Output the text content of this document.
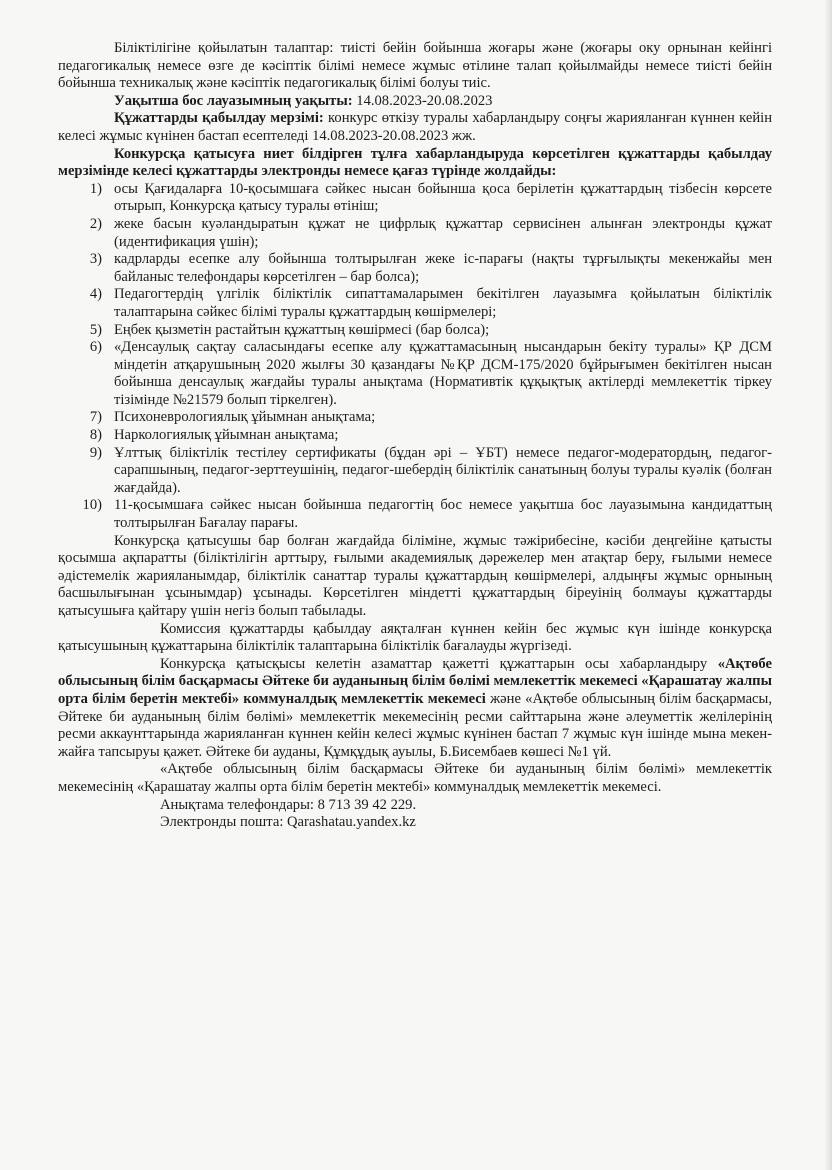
Біліктілігіне қойылатын талаптар: тиісті бейін бойынша жоғары және (жоғары оку орнынан кейінгі педагогикалық немесе өзге де кәсіптік білімі немесе жұмыс өтілине талап қойылмайды немесе тиісті бейін бойынша техникалық және кәсіптік педагогикалық білімі болуы тиіс.

Уақытша бос лауазымның уақыты: 14.08.2023-20.08.2023

Құжаттарды қабылдау мерзімі: конкурс өткізу туралы хабарландыру соңғы жарияланған күннен кейін келесі жұмыс күнінен бастап есептеледі 14.08.2023-20.08.2023 жж.

Конкурсқа қатысуға ниет білдірген тұлға хабарландыруда көрсетілген құжаттарды қабылдау мерзімінде келесі құжаттарды электронды немесе қағаз түрінде жолдайды:

1) осы Қағидаларға 10-қосымшаға сәйкес нысан бойынша қоса берілетін құжаттардың тізбесін көрсете отырып, Конкурсқа қатысу туралы өтініш;
2) жеке басын куәландыратын құжат не цифрлық құжаттар сервисінен алынған электронды құжат (идентификация үшін);
3) кадрларды есепке алу бойынша толтырылған жеке іс-парағы (нақты тұрғылықты мекенжайы мен байланыс телефондары көрсетілген – бар болса);
4) Педагогтердің үлгілік біліктілік сипаттамаларымен бекітілген лауазымға қойылатын біліктілік талаптарына сәйкес білімі туралы құжаттардың көшірмелері;
5) Еңбек қызметін растайтын құжаттың көшірмесі (бар болса);
6) «Денсаулық сақтау саласындағы есепке алу құжаттамасының нысандарын бекіту туралы» ҚР ДСМ міндетін атқарушының 2020 жылғы 30 қазандағы №ҚР ДСМ-175/2020 бұйрығымен бекітілген нысан бойынша денсаулық жағдайы туралы анықтама (Нормативтік құқықтық актілерді мемлекеттік тіркеу тізімінде №21579 болып тіркелген).
7) Психоневрологиялық ұйымнан анықтама;
8) Наркологиялық ұйымнан анықтама;
9) Ұлттық біліктілік тестілеу сертификаты (бұдан әрі – ҰБТ) немесе педагог-модератордың, педагог-сарапшының, педагог-зерттеушінің, педагог-шебердің біліктілік санатының болуы туралы куәлік (болған жағдайда).
10) 11-қосымшаға сәйкес нысан бойынша педагогтің бос немесе уақытша бос лауазымына кандидаттың толтырылған Бағалау парағы.

Конкурсқа қатысушы бар болған жағдайда біліміне, жұмыс тәжірибесіне, кәсіби деңгейіне қатысты қосымша ақпаратты (біліктілігін арттыру, ғылыми академиялық дәрежелер мен атақтар беру, ғылыми немесе әдістемелік жарияланымдар, біліктілік санаттар туралы құжаттардың көшірмелері, алдыңғы жұмыс орнының басшылығынан ұсынымдар) ұсынады. Көрсетілген міндетті құжаттардың біреуінің болмауы құжаттарды қатысушыға қайтару үшін негіз болып табылады.

Комиссия құжаттарды қабылдау аяқталған күннен кейін бес жұмыс күн ішінде конкурсқа қатысушының құжаттарына біліктілік талаптарына біліктілік бағалауды жүргізеді.

Конкурсқа қатысқысы келетін азаматтар қажетті құжаттарын осы хабарландыру «Ақтөбе облысының білім басқармасы Әйтеке би ауданының білім бөлімі мемлекеттік мекемесі «Қарашатау жалпы орта білім беретін мектебі» коммуналдық мемлекеттік мекемесі және «Ақтөбе облысының білім басқармасы, Әйтеке би ауданының білім бөлімі» мемлекеттік мекемесінің ресми сайттарына және әлеуметтік желілерінің ресми аккаунттарында жарияланған күннен кейін келесі жұмыс күнінен бастап 7 жұмыс күн ішінде мына мекен-жайға тапсыруы қажет. Әйтеке би ауданы, Құмқұдық ауылы, Б.Бисембаев көшесі №1 үй.

«Ақтөбе облысының білім басқармасы Әйтеке би ауданының білім бөлімі» мемлекеттік мекемесінің «Қарашатау жалпы орта білім беретін мектебі» коммуналдық мемлекеттік мекемесі.

Анықтама телефондары: 8 713 39 42 229.

Электронды пошта: Qarashatau.yandex.kz
